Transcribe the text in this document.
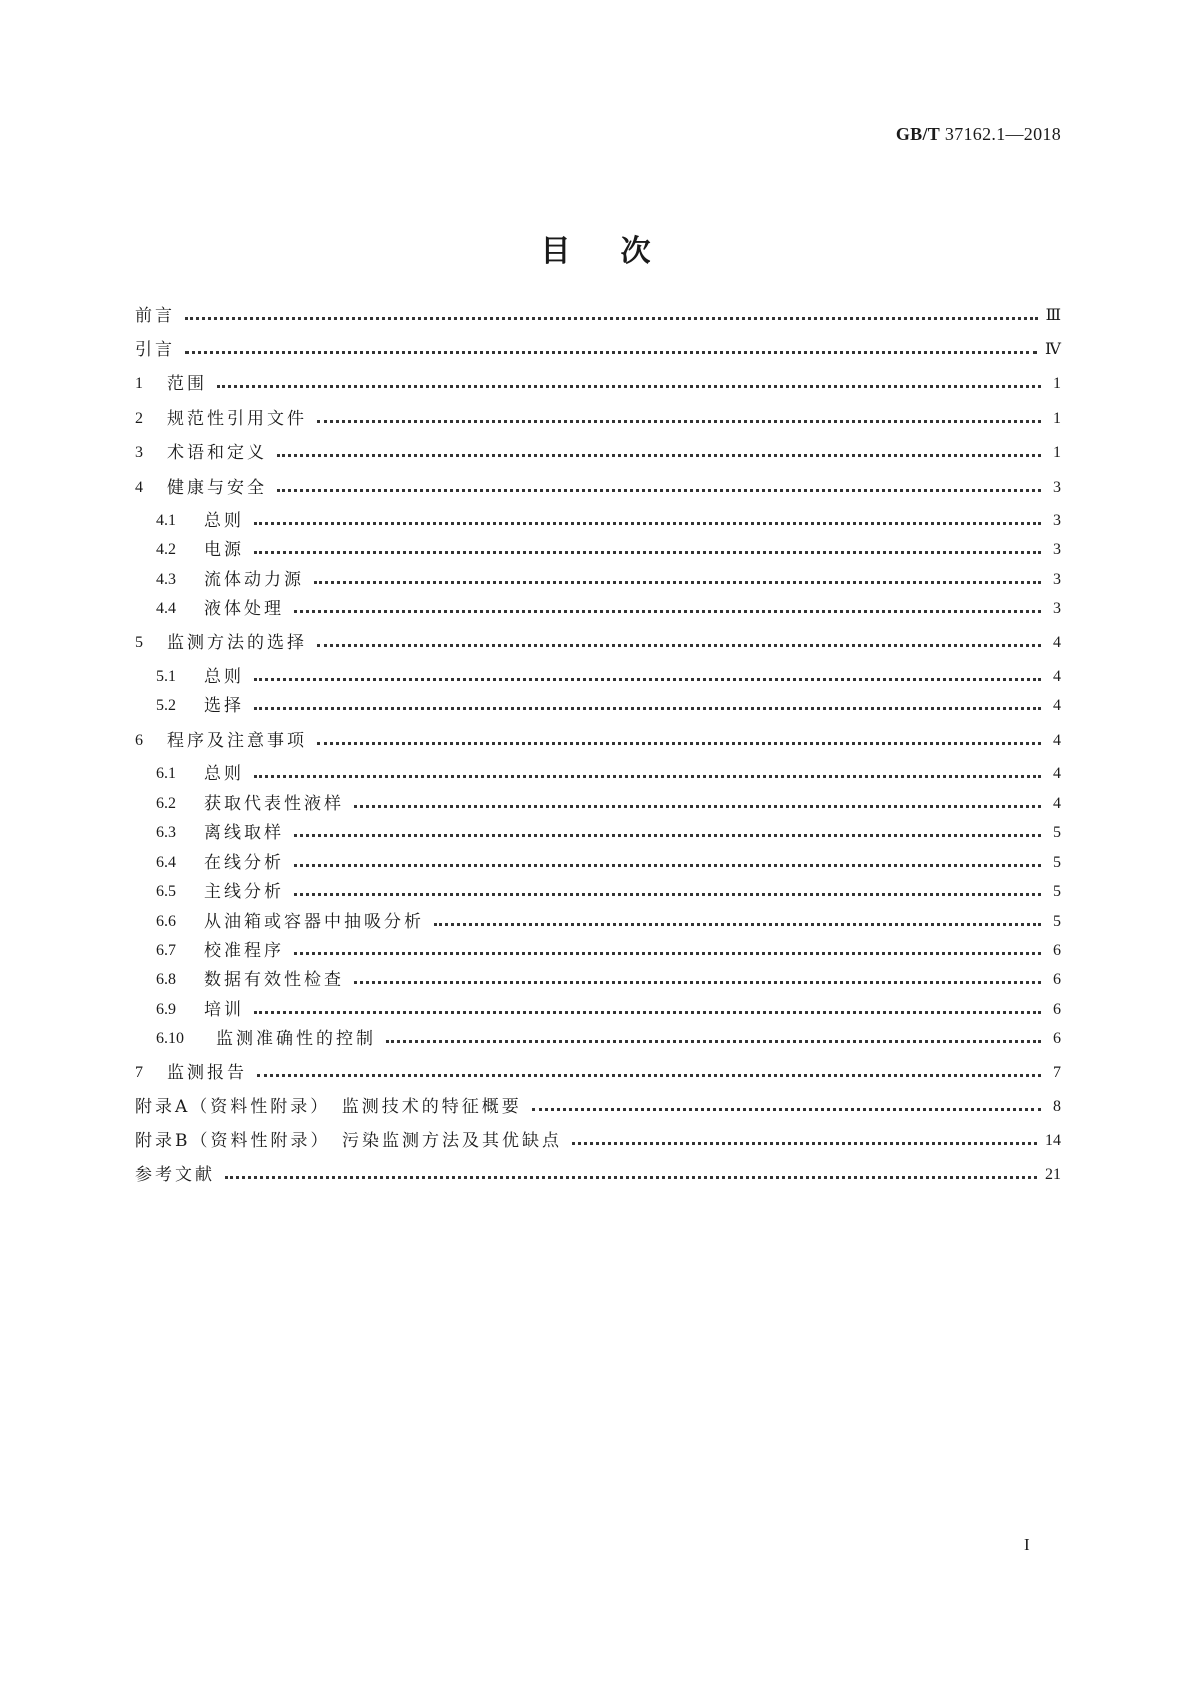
GB/T 37162.1—2018
目次
前言	Ⅲ
引言	Ⅳ
1	范围	1
2	规范性引用文件	1
3	术语和定义	1
4	健康与安全	3
4.1	总则	3
4.2	电源	3
4.3	流体动力源	3
4.4	液体处理	3
5	监测方法的选择	4
5.1	总则	4
5.2	选择	4
6	程序及注意事项	4
6.1	总则	4
6.2	获取代表性液样	4
6.3	离线取样	5
6.4	在线分析	5
6.5	主线分析	5
6.6	从油箱或容器中抽吸分析	5
6.7	校准程序	6
6.8	数据有效性检查	6
6.9	培训	6
6.10	监测准确性的控制	6
7	监测报告	7
附录A（资料性附录）　监测技术的特征概要	8
附录B（资料性附录）　污染监测方法及其优缺点	14
参考文献	21
I
